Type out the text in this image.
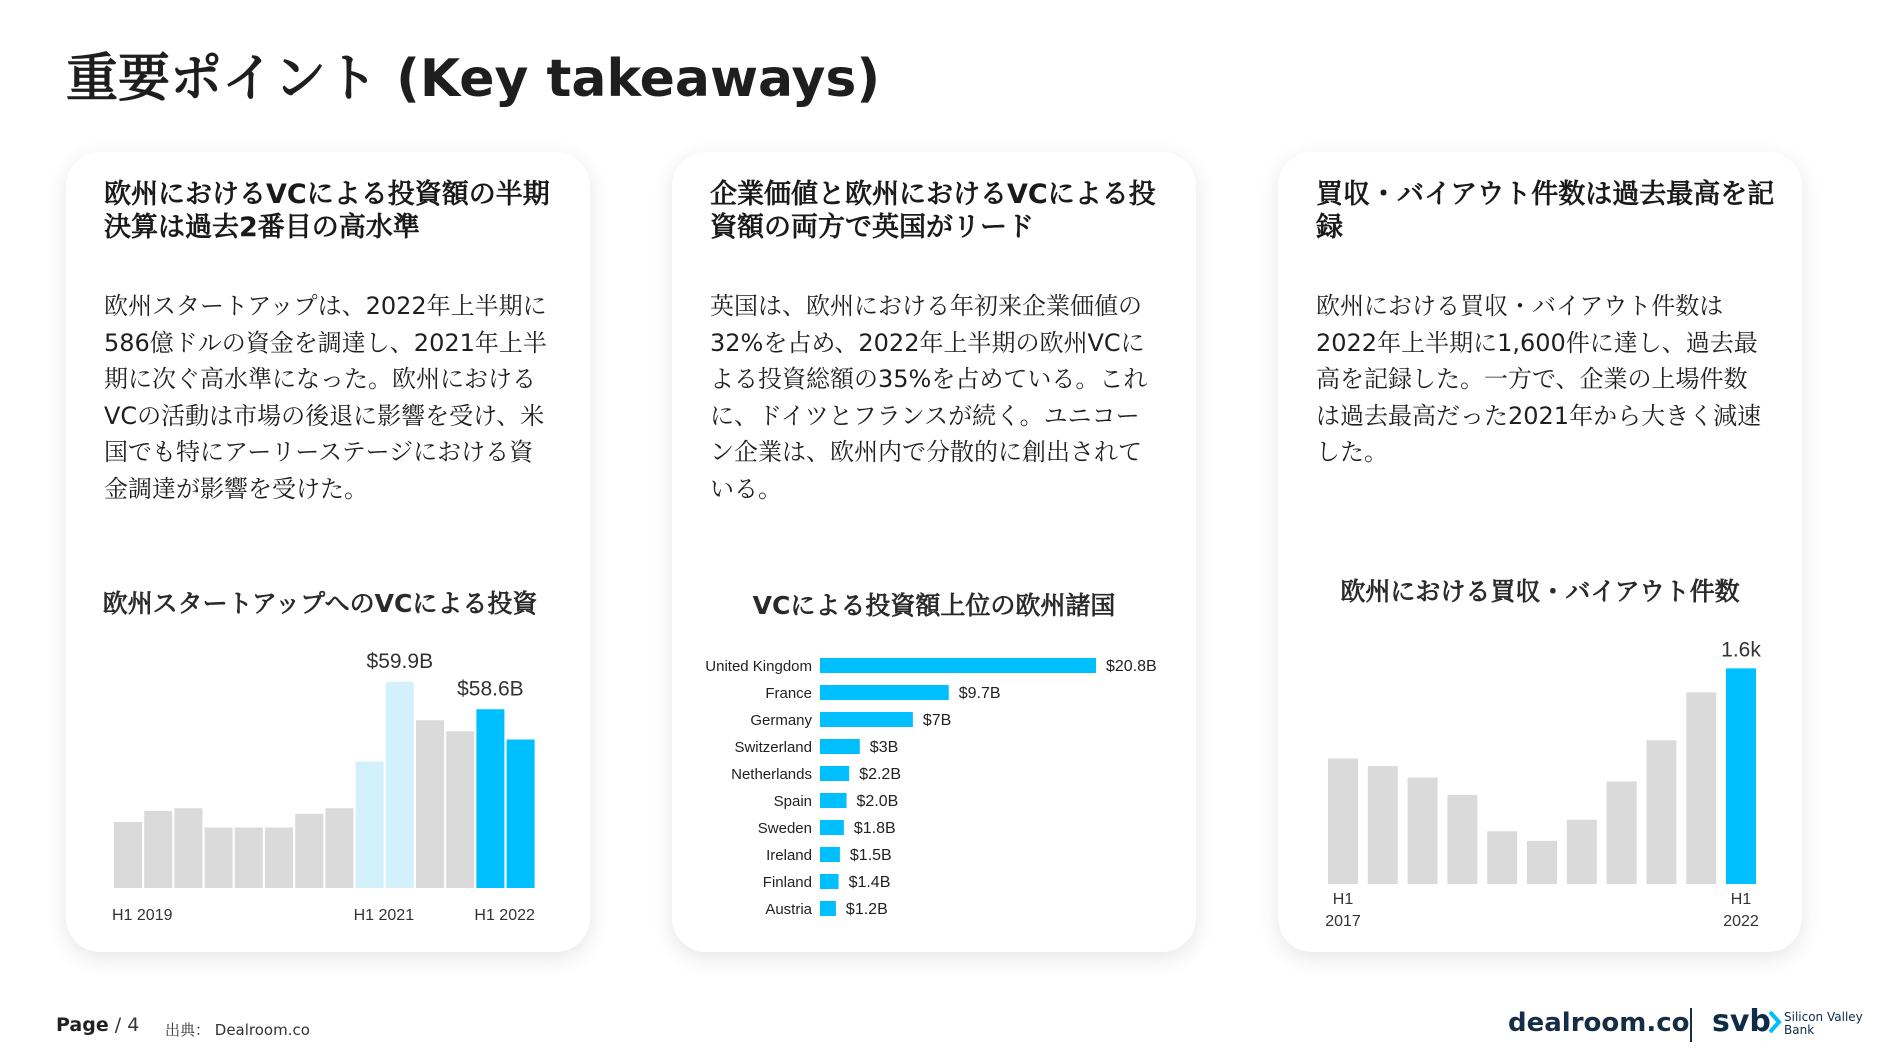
重要ポイント (Key takeaways)
欧州におけるVCによる投資額の半期決算は過去2番目の高水準
欧州スタートアップは、2022年上半期に586億ドルの資金を調達し、2021年上半期に次ぐ高水準になった。欧州におけるVCの活動は市場の後退に影響を受け、米国でも特にアーリーステージにおける資金調達が影響を受けた。
欧州スタートアップへのVCによる投資
H1 2019	H1 2021	H1 2022
$59.9B
$58.6B
企業価値と欧州におけるVCによる投資額の両方で英国がリード
英国は、欧州における年初来企業価値の32%を占め、2022年上半期の欧州VCによる投資総額の35%を占めている。これに、ドイツとフランスが続く。ユニコーン企業は、欧州内で分散的に創出されている。
VCによる投資額上位の欧州諸国
United Kingdom	$20.8B
France	$9.7B
Germany	$7B
Switzerland	$3B
Netherlands	$2.2B
Spain	$2.0B
Sweden	$1.8B
Ireland $1.5B
Finland $1.4B
Austria $1.2B
買収・バイアウト件数は過去最高を記録
欧州における買収・バイアウト件数は2022年上半期に1,600件に達し、過去最高を記録した。一方で、企業の上場件数は過去最高だった2021年から大きく減速した。
欧州における買収・バイアウト件数
H1
2017
H1
2022
1.6k
Page / 4 出典： Dealroom.co	dealroom.co svb Silicon Valley
Bank
